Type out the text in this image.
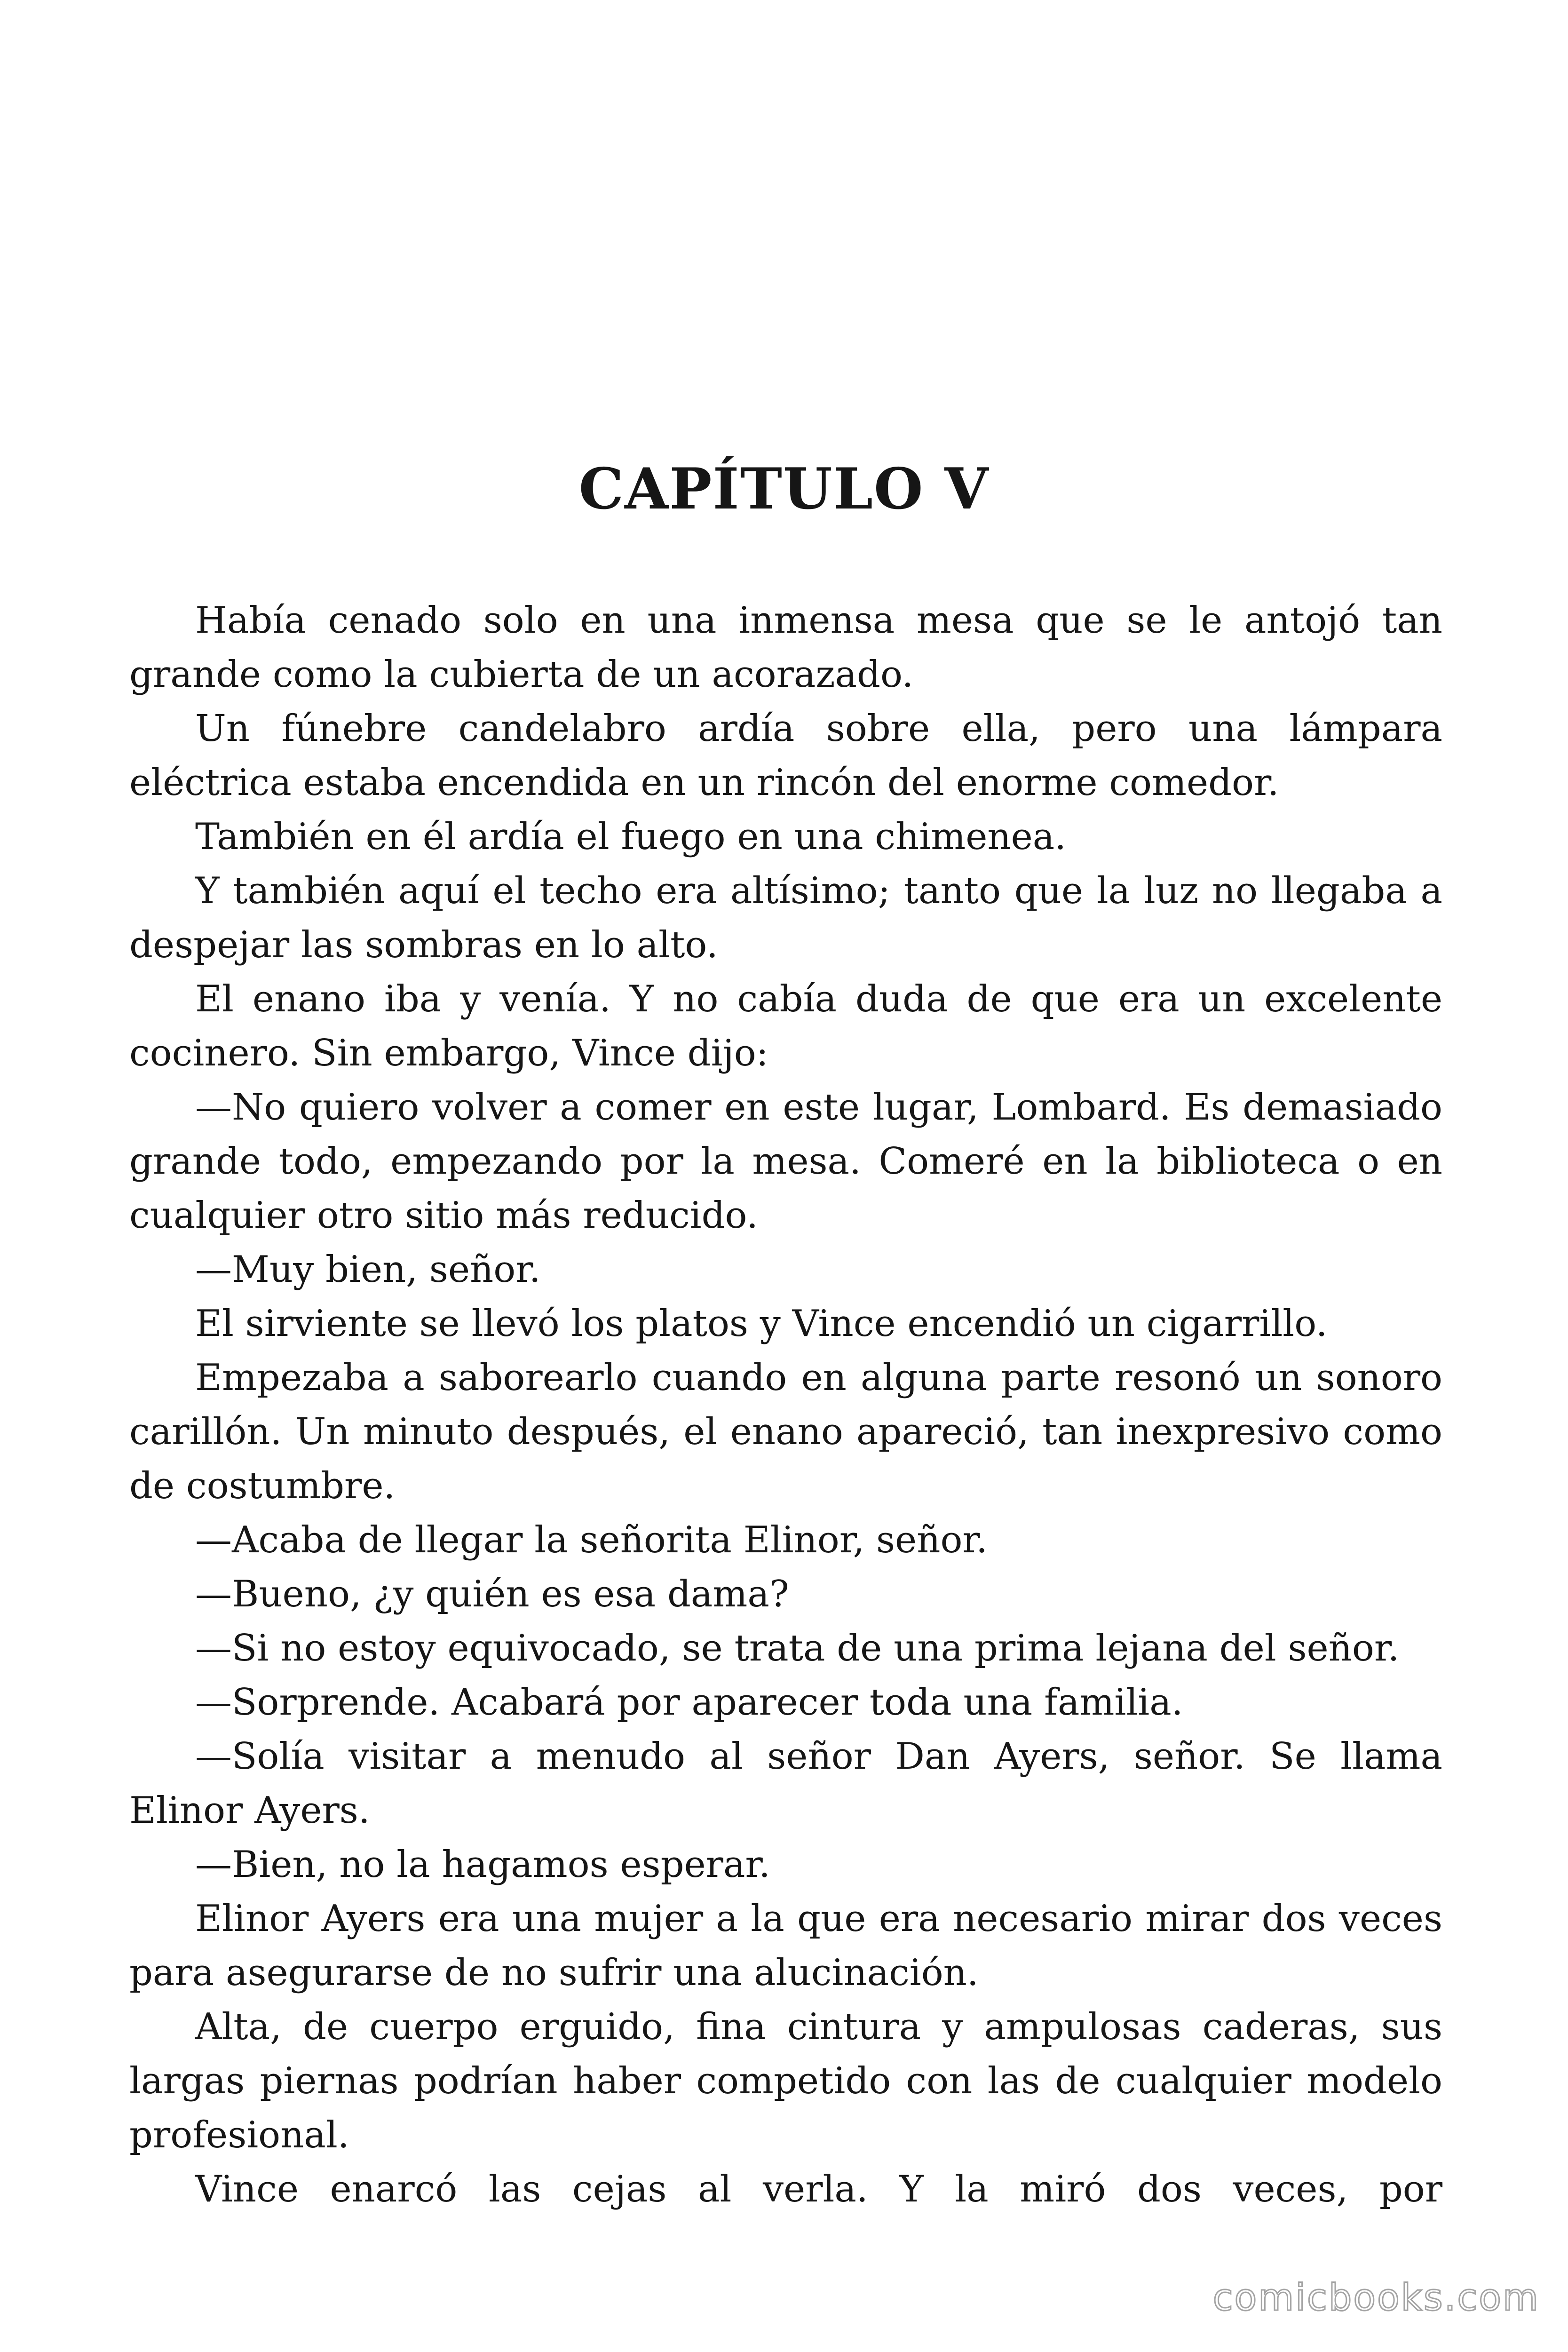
CAPÍTULO V

Había cenado solo en una inmensa mesa que se le antojó tan grande como la cubierta de un acorazado.

Un fúnebre candelabro ardía sobre ella, pero una lámpara eléctrica estaba encendida en un rincón del enorme comedor.

También en él ardía el fuego en una chimenea.

Y también aquí el techo era altísimo; tanto que la luz no llegaba a despejar las sombras en lo alto.

El enano iba y venía. Y no cabía duda de que era un excelente cocinero. Sin embargo, Vince dijo:

—No quiero volver a comer en este lugar, Lombard. Es demasiado grande todo, empezando por la mesa. Comeré en la biblioteca o en cualquier otro sitio más reducido.

—Muy bien, señor.

El sirviente se llevó los platos y Vince encendió un cigarrillo.

Empezaba a saborearlo cuando en alguna parte resonó un sonoro carillón. Un minuto después, el enano apareció, tan inexpresivo como de costumbre.

—Acaba de llegar la señorita Elinor, señor.

—Bueno, ¿y quién es esa dama?

—Si no estoy equivocado, se trata de una prima lejana del señor.

—Sorprende. Acabará por aparecer toda una familia.

—Solía visitar a menudo al señor Dan Ayers, señor. Se llama Elinor Ayers.

—Bien, no la hagamos esperar.

Elinor Ayers era una mujer a la que era necesario mirar dos veces para asegurarse de no sufrir una alucinación.

Alta, de cuerpo erguido, fina cintura y ampulosas caderas, sus largas piernas podrían haber competido con las de cualquier modelo profesional.

Vince enarcó las cejas al verla. Y la miró dos veces, por

comicbooks.com
